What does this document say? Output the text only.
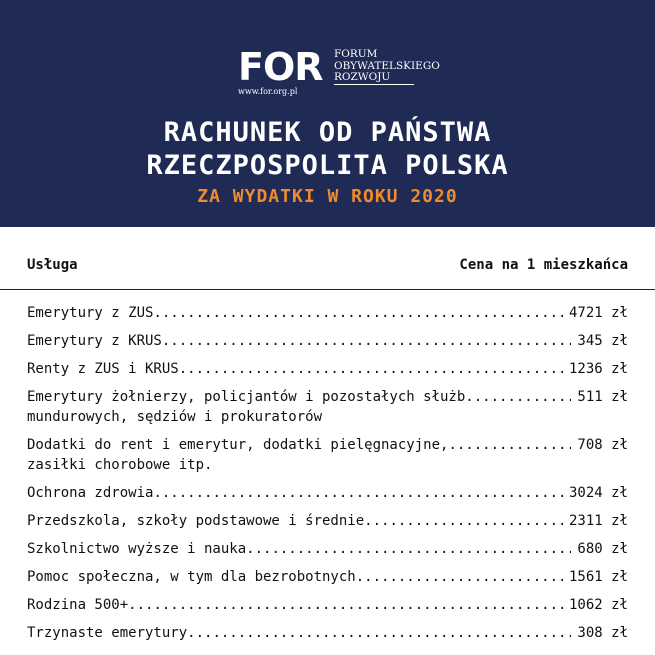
FOR FORUM
OBYWATELSKIEGO
ROZWOJU
www.for.org.pl
RACHUNEK OD PAŃSTWA
RZECZPOSPOLITA POLSKA
ZA WYDATKI W ROKU 2020
Usługa	Cena na 1 mieszkańca
Emerytury z ZUS .....	4721 zł
Emerytury z KRUS .....	345 zł
Renty z ZUS i KRUS .....	1236 zł
Emerytury żołnierzy, policjantów i pozostałych służb .....	511 zł
mundurowych, sędziów i prokuratorów
Dodatki do rent i emerytur, dodatki pielęgnacyjne, .....	708 zł
zasiłki chorobowe itp.
Ochrona zdrowia .....	3024 zł
Przedszkola, szkoły podstawowe i średnie .....	2311 zł
Szkolnictwo wyższe i nauka .....	680 zł
Pomoc społeczna, w tym dla bezrobotnych .....	1561 zł
Rodzina 500+ .....	1062 zł
Trzynaste emerytury .....	308 zł
